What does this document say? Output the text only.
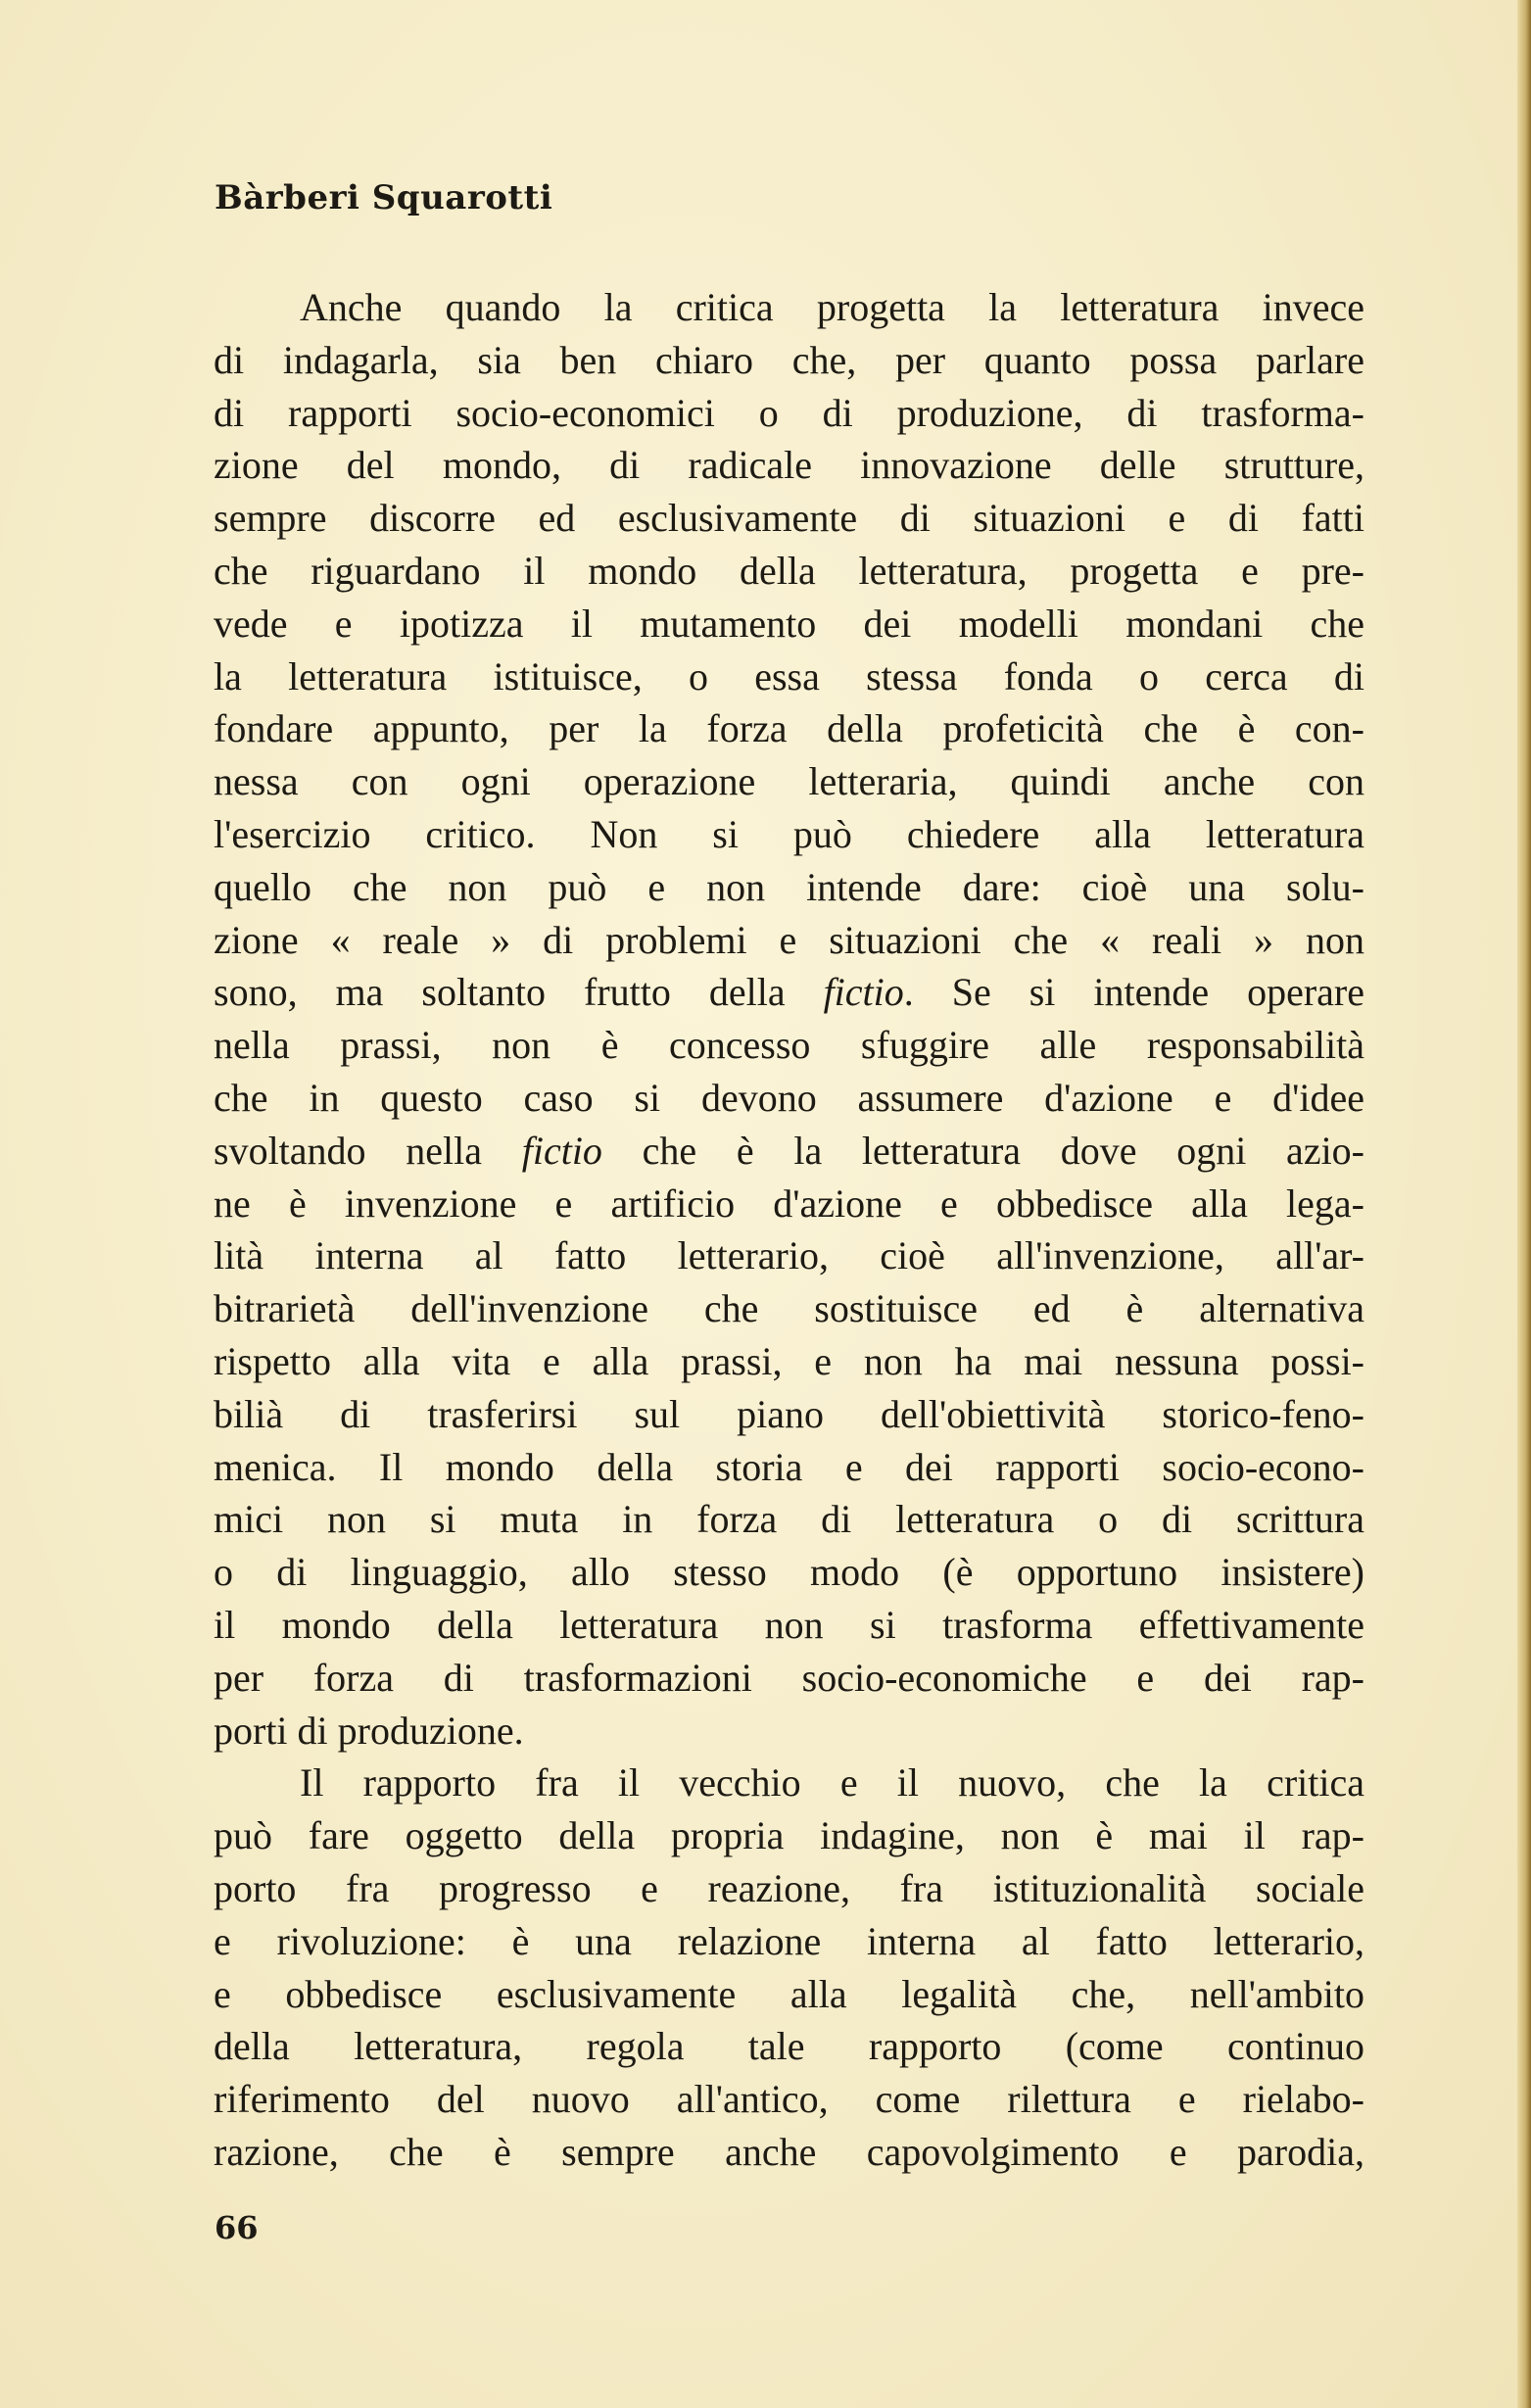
Bàrberi Squarotti

Anche quando la critica progetta la letteratura invece
di indagarla, sia ben chiaro che, per quanto possa parlare
di rapporti socio-economici o di produzione, di trasforma-
zione del mondo, di radicale innovazione delle strutture,
sempre discorre ed esclusivamente di situazioni e di fatti
che riguardano il mondo della letteratura, progetta e pre-
vede e ipotizza il mutamento dei modelli mondani che
la letteratura istituisce, o essa stessa fonda o cerca di
fondare appunto, per la forza della profeticità che è con-
nessa con ogni operazione letteraria, quindi anche con
l'esercizio critico. Non si può chiedere alla letteratura
quello che non può e non intende dare: cioè una solu-
zione « reale » di problemi e situazioni che « reali » non
sono, ma soltanto frutto della fictio. Se si intende operare
nella prassi, non è concesso sfuggire alle responsabilità
che in questo caso si devono assumere d'azione e d'idee
svoltando nella fictio che è la letteratura dove ogni azio-
ne è invenzione e artificio d'azione e obbedisce alla lega-
lità interna al fatto letterario, cioè all'invenzione, all'ar-
bitrarietà dell'invenzione che sostituisce ed è alternativa
rispetto alla vita e alla prassi, e non ha mai nessuna possi-
bilià di trasferirsi sul piano dell'obiettività storico-feno-
menica. Il mondo della storia e dei rapporti socio-econo-
mici non si muta in forza di letteratura o di scrittura
o di linguaggio, allo stesso modo (è opportuno insistere)
il mondo della letteratura non si trasforma effettivamente
per forza di trasformazioni socio-economiche e dei rap-
porti di produzione.
Il rapporto fra il vecchio e il nuovo, che la critica
può fare oggetto della propria indagine, non è mai il rap-
porto fra progresso e reazione, fra istituzionalità sociale
e rivoluzione: è una relazione interna al fatto letterario,
e obbedisce esclusivamente alla legalità che, nell'ambito
della letteratura, regola tale rapporto (come continuo
riferimento del nuovo all'antico, come rilettura e rielabo-
razione, che è sempre anche capovolgimento e parodia,

66
